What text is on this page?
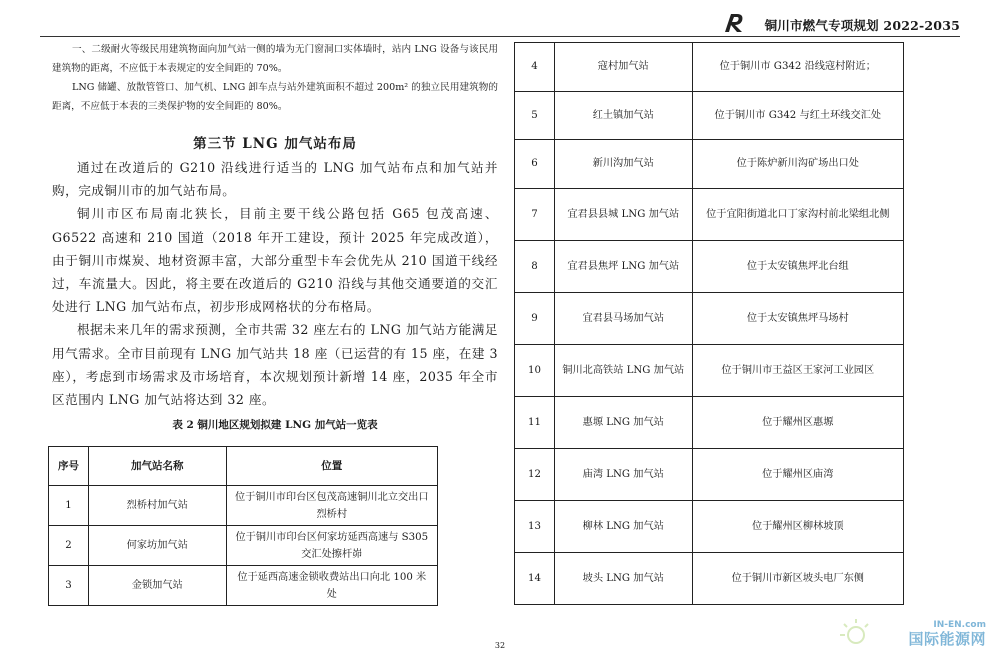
铜川市燃气专项规划 2022-2035

一、二级耐火等级民用建筑物面向加气站一侧的墙为无门窗洞口实体墙时，站内 LNG 设备与该民用建筑物的距离，不应低于本表规定的安全间距的 70%。

LNG 储罐、放散管管口、加气机、LNG 卸车点与站外建筑面积不超过 200m² 的独立民用建筑物的距离，不应低于本表的三类保护物的安全间距的 80%。

第三节 LNG 加气站布局

通过在改道后的 G210 沿线进行适当的 LNG 加气站布点和加气站并购，完成铜川市的加气站布局。

铜川市区布局南北狭长，目前主要干线公路包括 G65 包茂高速、G6522 高速和 210 国道（2018 年开工建设，预计 2025 年完成改道），由于铜川市煤炭、地材资源丰富，大部分重型卡车会优先从 210 国道干线经过，车流量大。因此，将主要在改道后的 G210 沿线与其他交通要道的交汇处进行 LNG 加气站布点，初步形成网格状的分布格局。

根据未来几年的需求预测，全市共需 32 座左右的 LNG 加气站方能满足用气需求。全市目前现有 LNG 加气站共 18 座（已运营的有 15 座，在建 3 座），考虑到市场需求及市场培育，本次规划预计新增 14 座，2035 年全市区范围内 LNG 加气站将达到 32 座。

表 2 铜川地区规划拟建 LNG 加气站一览表
序号	加气站名称	位置
1	烈桥村加气站	位于铜川市印台区包茂高速铜川北立交出口烈桥村
2	何家坊加气站	位于铜川市印台区何家坊延西高速与 S305 交汇处擦杆峁
3	金锁加气站	位于延西高速金锁收费站出口向北 100 米处
4	寇村加气站	位于铜川市 G342 沿线寇村附近；
5	红土镇加气站	位于铜川市 G342 与红土环线交汇处
6	新川沟加气站	位于陈炉新川沟矿场出口处
7	宜君县县城 LNG 加气站	位于宜阳街道北口丁家沟村前北梁组北侧
8	宜君县焦坪 LNG 加气站	位于太安镇焦坪北台组
9	宜君县马场加气站	位于太安镇焦坪马场村
10	铜川北高铁站 LNG 加气站	位于铜川市王益区王家河工业园区
11	惠塬 LNG 加气站	位于耀州区惠塬
12	庙湾 LNG 加气站	位于耀州区庙湾
13	柳林 LNG 加气站	位于耀州区柳林坡顶
14	坡头 LNG 加气站	位于铜川市新区坡头电厂东侧
32
IN-EN.com
国际能源网
